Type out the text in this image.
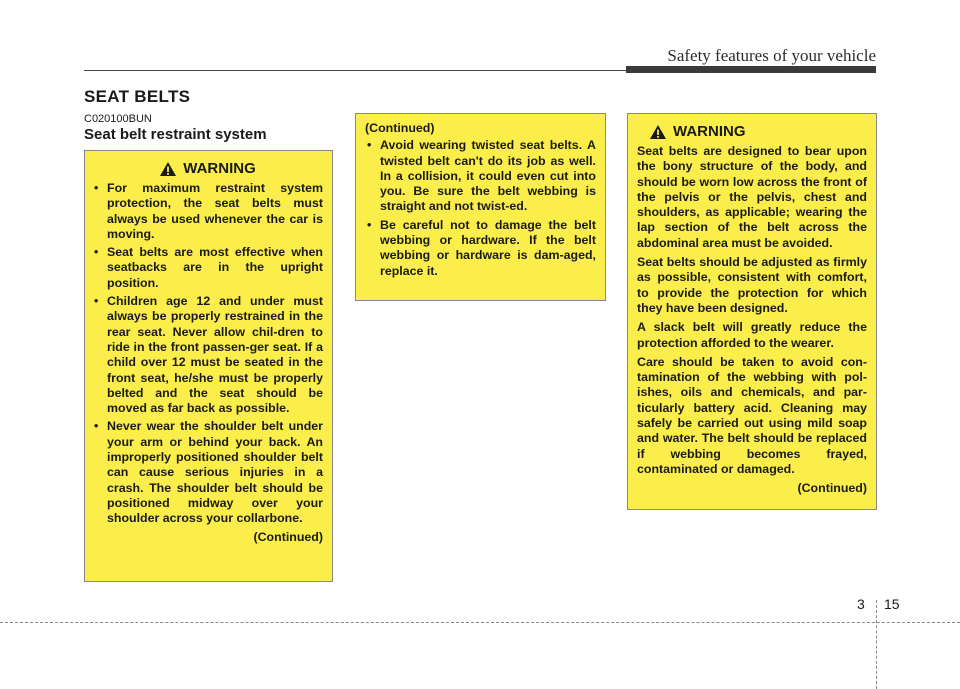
Safety features of your vehicle
SEAT BELTS
C020100BUN
Seat belt restraint system
WARNING
• For maximum restraint system protection, the seat belts must always be used whenever the car is moving.
• Seat belts are most effective when seatbacks are in the upright position.
• Children age 12 and under must always be properly restrained in the rear seat. Never allow chil-dren to ride in the front passen-ger seat. If a child over 12 must be seated in the front seat, he/she must be properly belted and the seat should be moved as far back as possible.
• Never wear the shoulder belt under your arm or behind your back. An improperly positioned shoulder belt can cause serious injuries in a crash. The shoulder belt should be positioned midway over your shoulder across your collarbone.
(Continued)
(Continued)
• Avoid wearing twisted seat belts. A twisted belt can't do its job as well. In a collision, it could even cut into you. Be sure the belt webbing is straight and not twist-ed.
• Be careful not to damage the belt webbing or hardware. If the belt webbing or hardware is dam-aged, replace it.
WARNING

Seat belts are designed to bear upon the bony structure of the body, and should be worn low across the front of the pelvis or the pelvis, chest and shoulders, as applicable; wearing the lap section of the belt across the abdominal area must be avoided.

Seat belts should be adjusted as firmly as possible, consistent with comfort, to provide the protection for which they have been designed.

A slack belt will greatly reduce the protection afforded to the wearer.

Care should be taken to avoid con-tamination of the webbing with pol-ishes, oils and chemicals, and par-ticularly battery acid. Cleaning may safely be carried out using mild soap and water. The belt should be replaced if webbing becomes frayed, contaminated or damaged.

(Continued)
3 15
